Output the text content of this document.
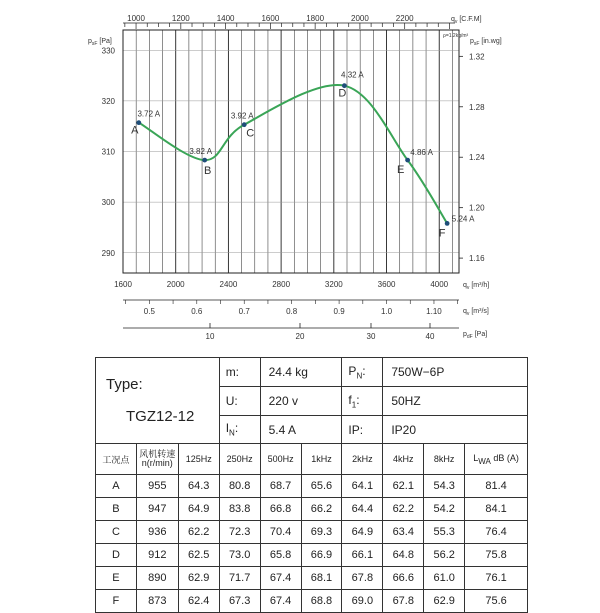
330
320
310
300
290
$p_{sF}$ [Pa]
1.32
1.28
1.24
1.20
1.16
$p_{sF}$ [in.wg]
ρ=1.2kg/m³
1000	1200	1400	1600	1800	2000	2200	$q_v$ [C.F.M]
1600	2000	2400	2800	3200	3600	4000 $q_v$ [m³/h]
0.5	0.6	0.7	0.8	0.9	1.0	1.10	$q_v$ [m³/s]
10	20	30	40	$p_{dF}$ [Pa]
A
3.72 A
B
3.82 A
C
3.92 A
D
4.32 A
E
4.86 A
F
5.24 A
Type:
TGZ12-12			m:	24.4 kg		$P_N$:	750W−6P		
			U:	220 v		$f_1$:	50HZ		
			$I_N$:	5.4 A		IP:	IP20		
工况点	风机转速
n(r/min)	125Hz	250Hz	500Hz	1kHz	2kHz	4kHz	8kHz	$L_{WA}$ dB (A)
A	955	64.3	80.8	68.7	65.6	64.1	62.1	54.3	81.4
B	947	64.9	83.8	66.8	66.2	64.4	62.2	54.2	84.1
C	936	62.2	72.3	70.4	69.3	64.9	63.4	55.3	76.4
D	912	62.5	73.0	65.8	66.9	66.1	64.8	56.2	75.8
E	890	62.9	71.7	67.4	68.1	67.8	66.6	61.0	76.1
F	873	62.4	67.3	67.4	68.8	69.0	67.8	62.9	75.6
